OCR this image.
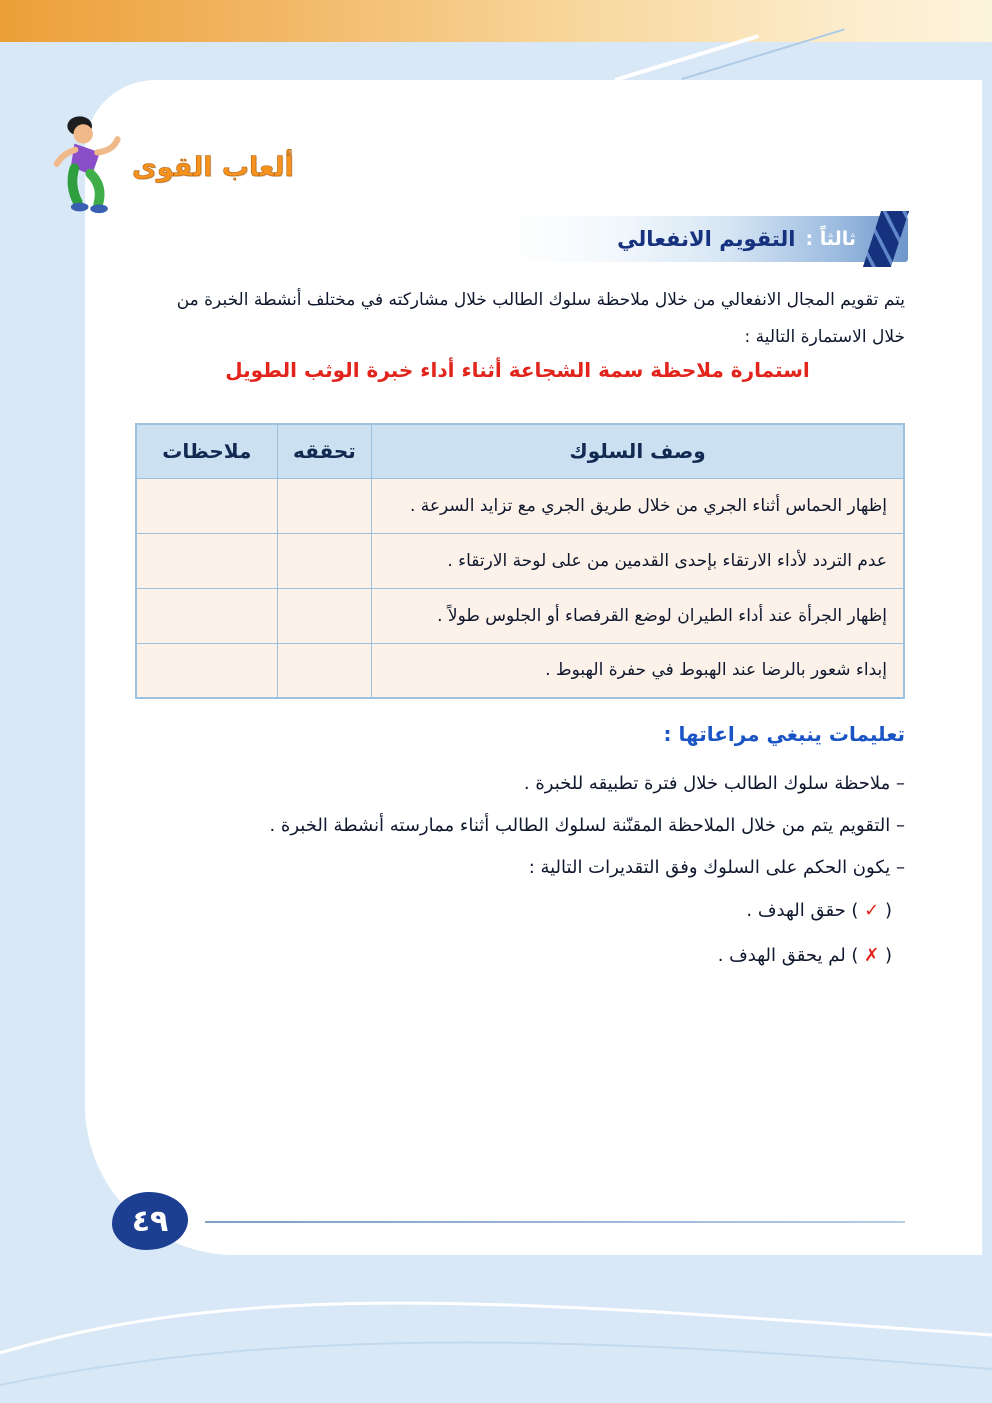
ألعاب القوى
ثالثاً :
التقويم الانفعالي
يتم تقويم المجال الانفعالي من خلال ملاحظة سلوك الطالب خلال مشاركته في مختلف أنشطة الخبرة من
خلال الاستمارة التالية :
استمارة ملاحظة سمة الشجاعة أثناء أداء خبرة الوثب الطويل
وصف السلوك	تحققه	ملاحظات
إظهار الحماس أثناء الجري من خلال طريق الجري مع تزايد السرعة .		
عدم التردد لأداء الارتقاء بإحدى القدمين من على لوحة الارتقاء .		
إظهار الجرأة عند أداء الطيران لوضع القرفصاء أو الجلوس طولاً .		
إبداء شعور بالرضا عند الهبوط في حفرة الهبوط .		
تعليمات ينبغي مراعاتها :
– ملاحظة سلوك الطالب خلال فترة تطبيقه للخبرة .
– التقويم يتم من خلال الملاحظة المقنّنة لسلوك الطالب أثناء ممارسته أنشطة الخبرة .
– يكون الحكم على السلوك وفق التقديرات التالية :
( ✓ ) حقق الهدف .
( ✗ ) لم يحقق الهدف .
٤٩
